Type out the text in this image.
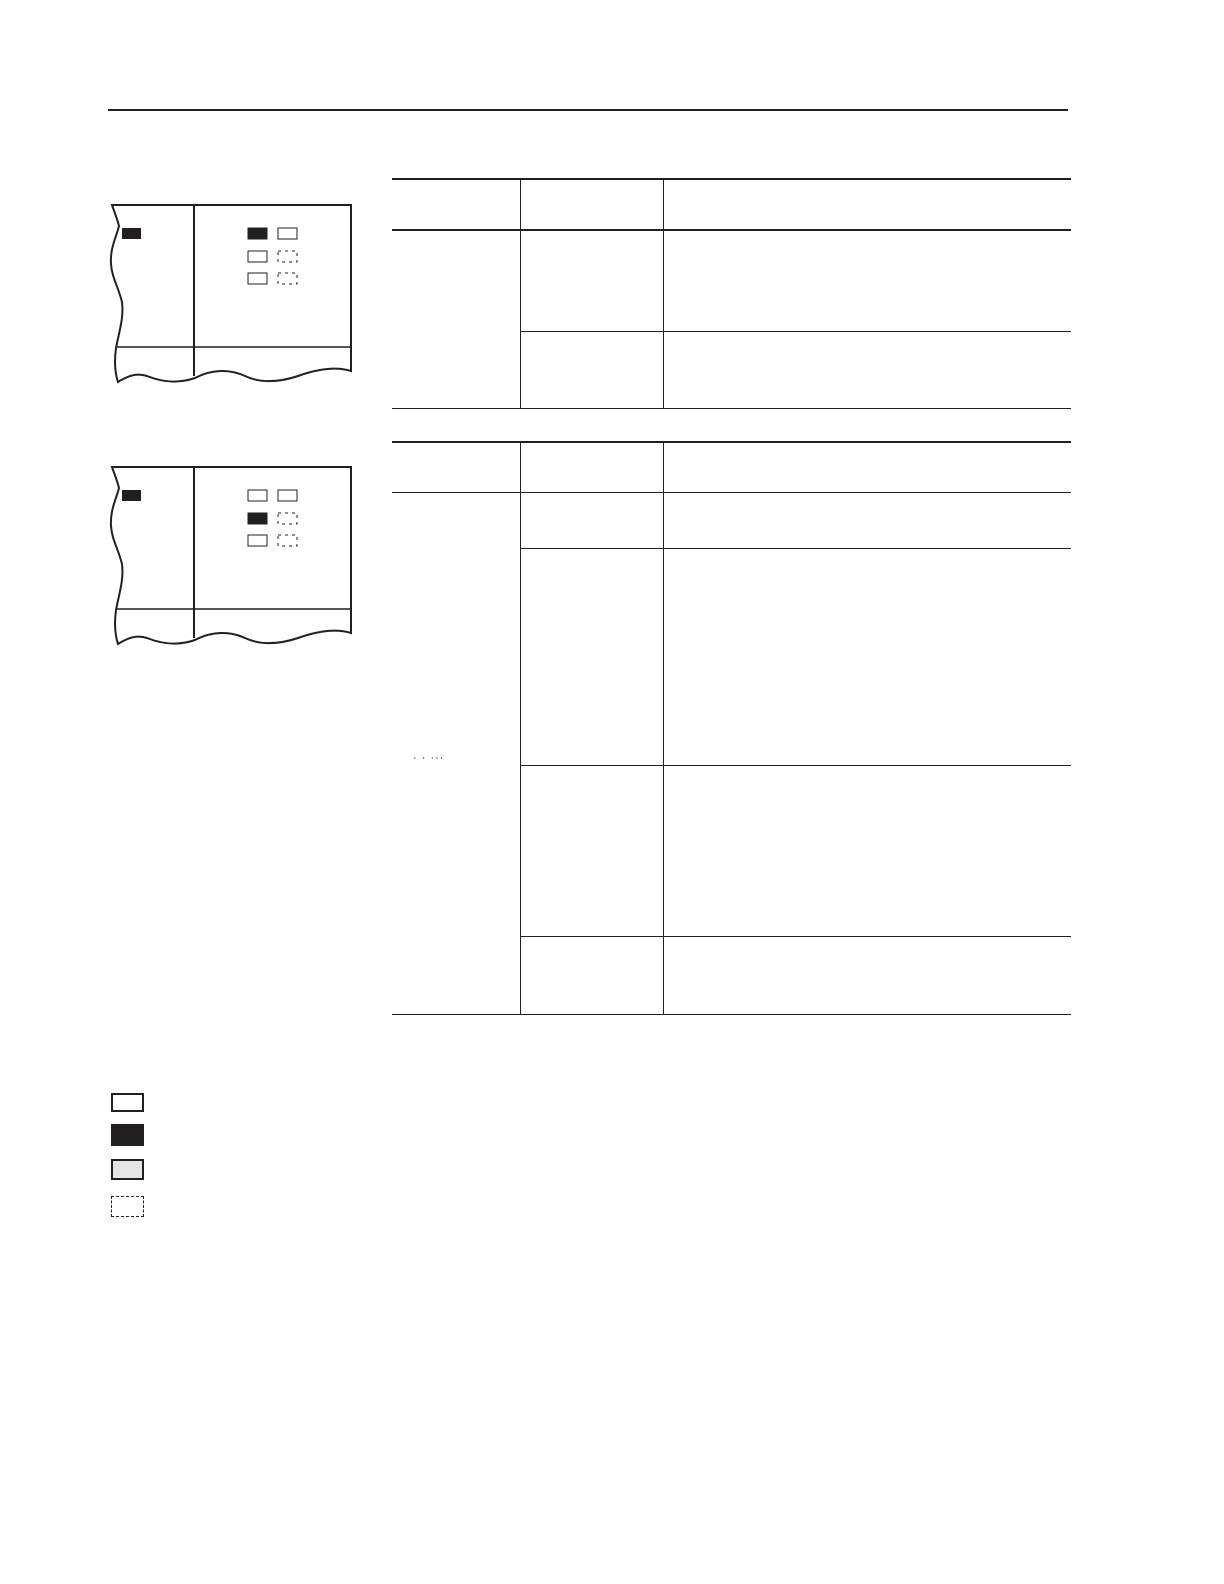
· · ···
